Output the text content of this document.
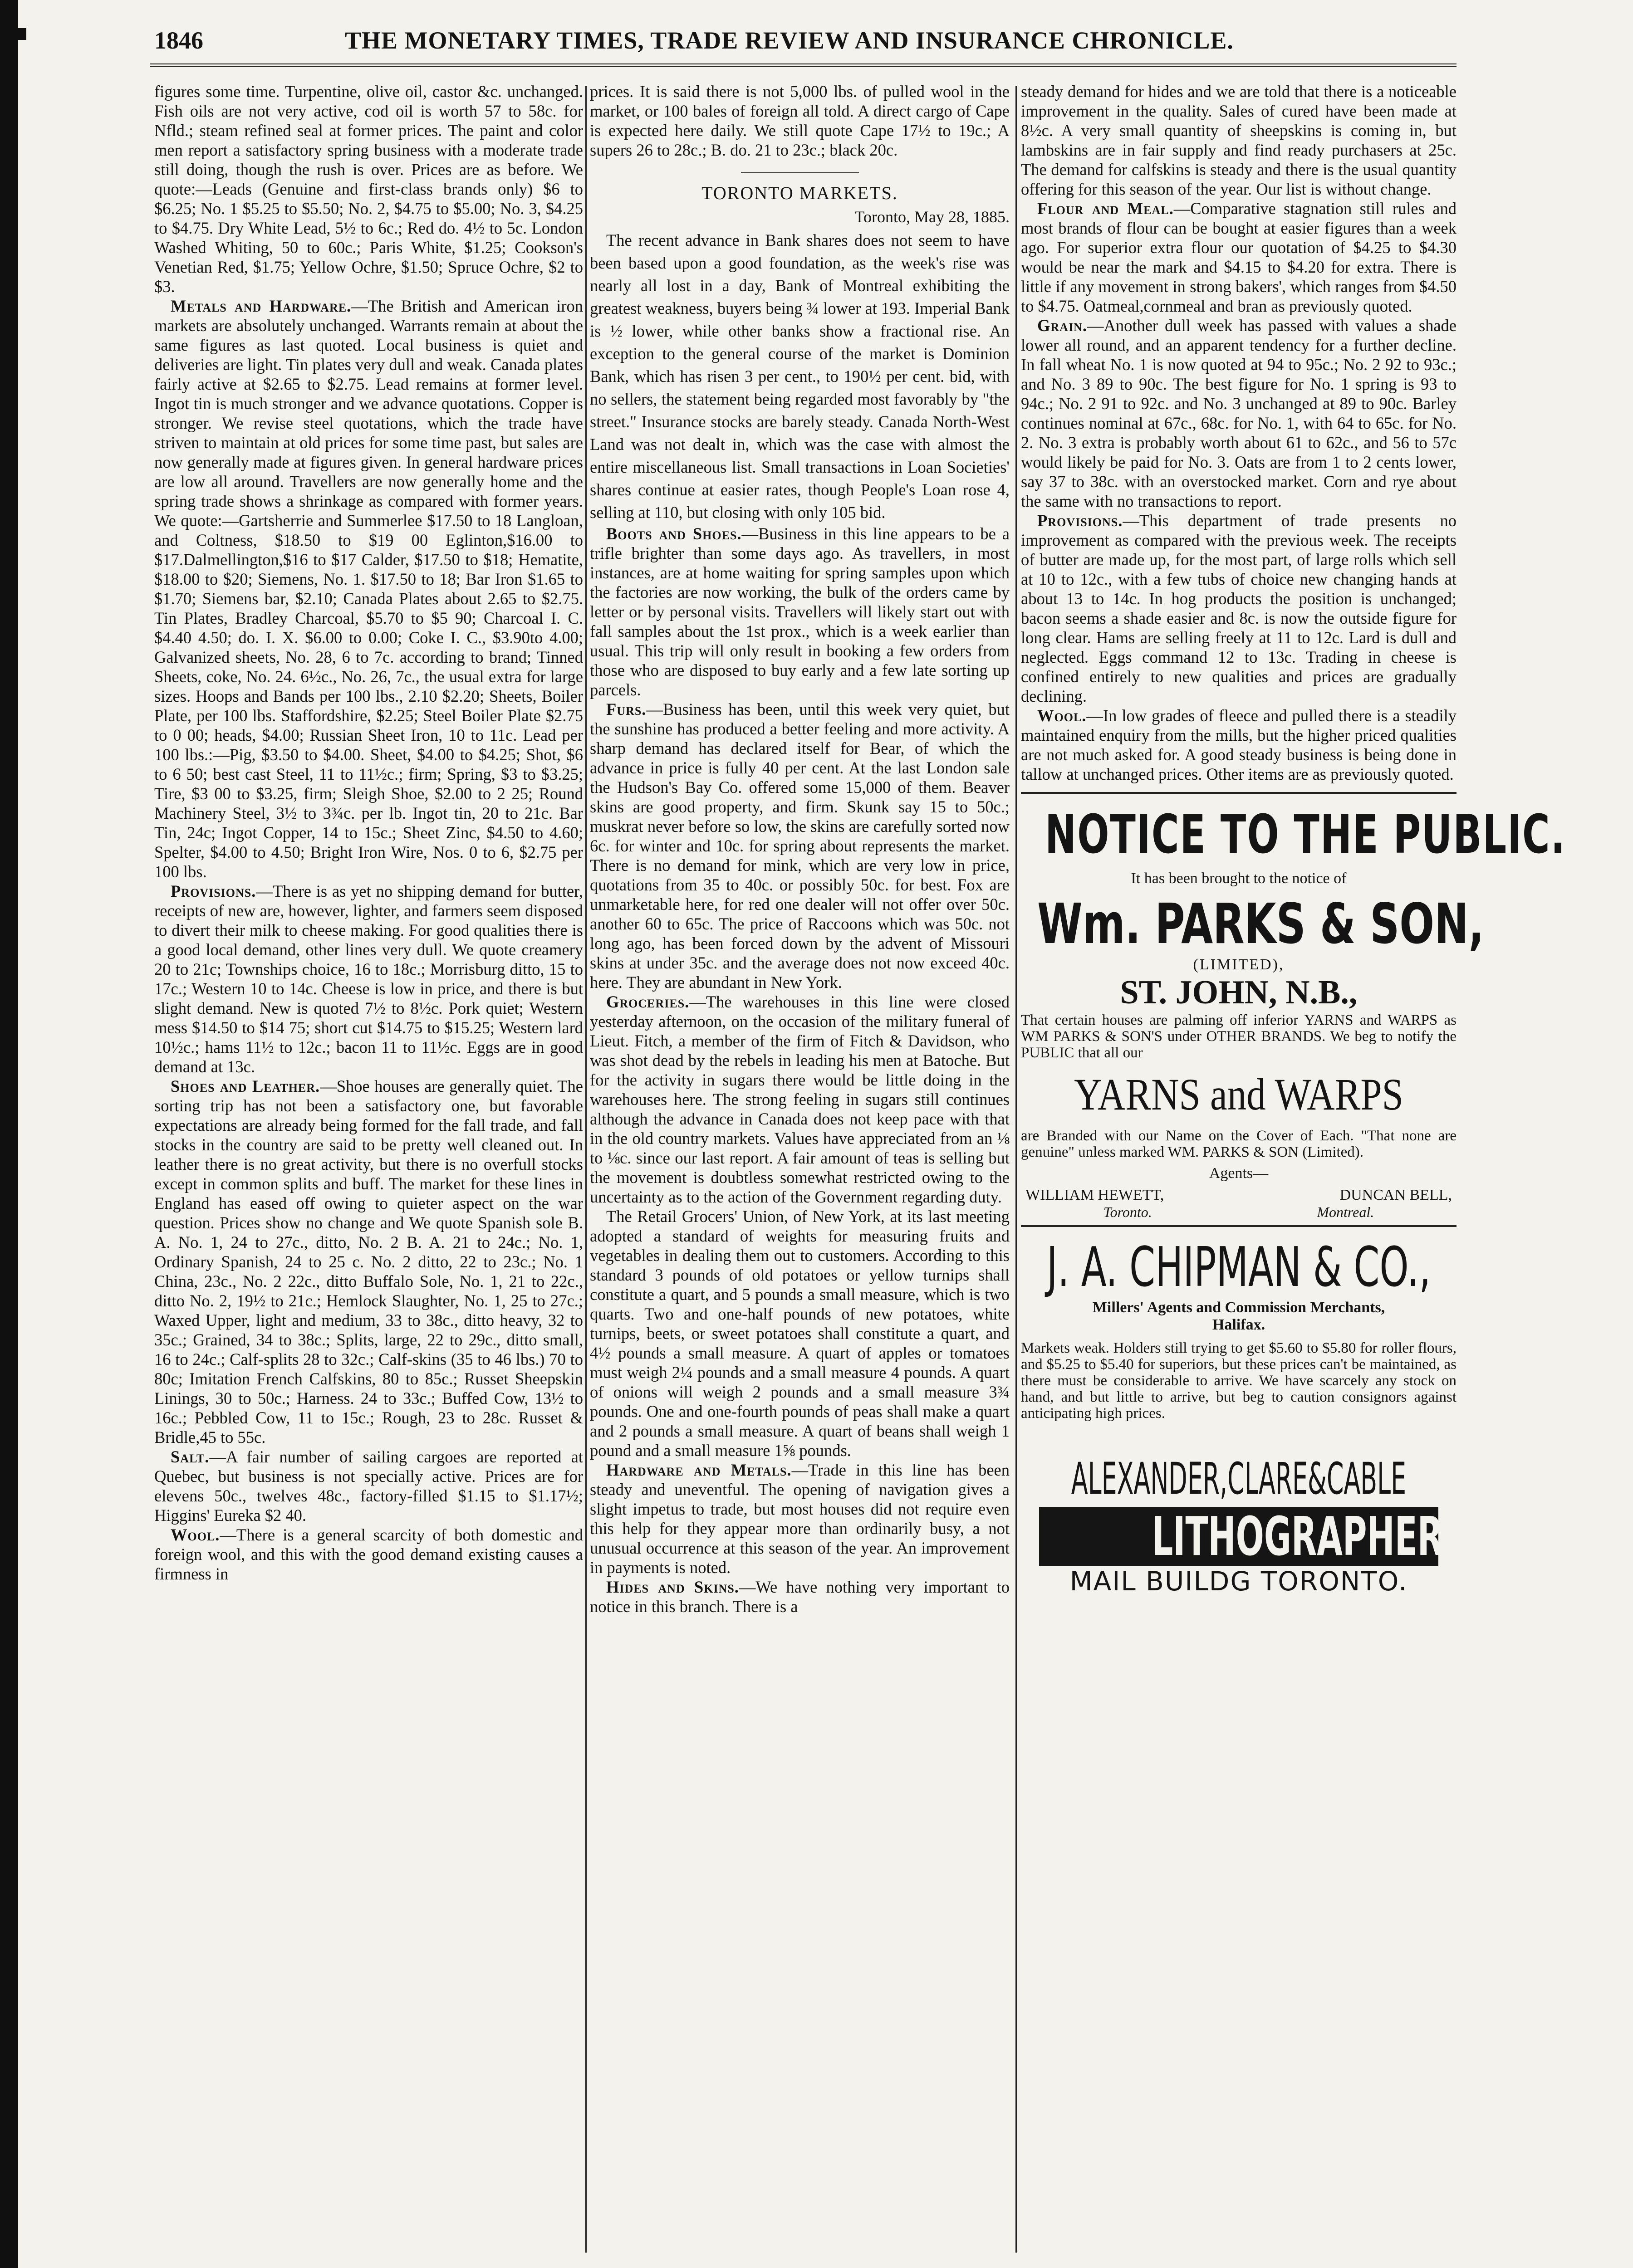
1846	THE MONETARY TIMES, TRADE REVIEW AND INSURANCE CHRONICLE.

figures some time. Turpentine, olive oil, castor &c. unchanged. Fish oils are not very active, cod oil is worth 57 to 58c. for Nfld.; steam refined seal at former prices. The paint and color men report a satisfactory spring business with a moderate trade still doing, though the rush is over. Prices are as before. We quote:—Leads (Genuine and first-class brands only) $6 to $6.25; No. 1 $5.25 to $5.50; No. 2, $4.75 to $5.00; No. 3, $4.25 to $4.75. Dry White Lead, 5½ to 6c.; Red do. 4½ to 5c. London Washed Whiting, 50 to 60c.; Paris White, $1.25; Cookson's Venetian Red, $1.75; Yellow Ochre, $1.50; Spruce Ochre, $2 to $3.

Metals and Hardware.—The British and American iron markets are absolutely unchanged. Warrants remain at about the same figures as last quoted. Local business is quiet and deliveries are light. Tin plates very dull and weak. Canada plates fairly active at $2.65 to $2.75. Lead remains at former level. Ingot tin is much stronger and we advance quotations. Copper is stronger. We revise steel quotations, which the trade have striven to maintain at old prices for some time past, but sales are now generally made at figures given. In general hardware prices are low all around. Travellers are now generally home and the spring trade shows a shrinkage as compared with former years. We quote:—Gartsherrie and Summerlee $17.50 to 18 Langloan, and Coltness, $18.50 to $19 00 Eglinton,$16.00 to $17.Dalmellington,$16 to $17 Calder, $17.50 to $18; Hematite, $18.00 to $20; Siemens, No. 1. $17.50 to 18; Bar Iron $1.65 to $1.70; Siemens bar, $2.10; Canada Plates about 2.65 to $2.75. Tin Plates, Bradley Charcoal, $5.70 to $5 90; Charcoal I. C. $4.40 4.50; do. I. X. $6.00 to 0.00; Coke I. C., $3.90to 4.00; Galvanized sheets, No. 28, 6 to 7c. according to brand; Tinned Sheets, coke, No. 24. 6½c., No. 26, 7c., the usual extra for large sizes. Hoops and Bands per 100 lbs., 2.10 $2.20; Sheets, Boiler Plate, per 100 lbs. Staffordshire, $2.25; Steel Boiler Plate $2.75 to 0 00; heads, $4.00; Russian Sheet Iron, 10 to 11c. Lead per 100 lbs.:—Pig, $3.50 to $4.00. Sheet, $4.00 to $4.25; Shot, $6 to 6 50; best cast Steel, 11 to 11½c.; firm; Spring, $3 to $3.25; Tire, $3 00 to $3.25, firm; Sleigh Shoe, $2.00 to 2 25; Round Machinery Steel, 3½ to 3¾c. per lb. Ingot tin, 20 to 21c. Bar Tin, 24c; Ingot Copper, 14 to 15c.; Sheet Zinc, $4.50 to 4.60; Spelter, $4.00 to 4.50; Bright Iron Wire, Nos. 0 to 6, $2.75 per 100 lbs.

Provisions.—There is as yet no shipping demand for butter, receipts of new are, however, lighter, and farmers seem disposed to divert their milk to cheese making. For good qualities there is a good local demand, other lines very dull. We quote creamery 20 to 21c; Townships choice, 16 to 18c.; Morrisburg ditto, 15 to 17c.; Western 10 to 14c. Cheese is low in price, and there is but slight demand. New is quoted 7½ to 8½c. Pork quiet; Western mess $14.50 to $14 75; short cut $14.75 to $15.25; Western lard 10½c.; hams 11½ to 12c.; bacon 11 to 11½c. Eggs are in good demand at 13c.

Shoes and Leather.—Shoe houses are generally quiet. The sorting trip has not been a satisfactory one, but favorable expectations are already being formed for the fall trade, and fall stocks in the country are said to be pretty well cleaned out. In leather there is no great activity, but there is no overfull stocks except in common splits and buff. The market for these lines in England has eased off owing to quieter aspect on the war question. Prices show no change and We quote Spanish sole B. A. No. 1, 24 to 27c., ditto, No. 2 B. A. 21 to 24c.; No. 1, Ordinary Spanish, 24 to 25 c. No. 2 ditto, 22 to 23c.; No. 1 China, 23c., No. 2 22c., ditto Buffalo Sole, No. 1, 21 to 22c., ditto No. 2, 19½ to 21c.; Hemlock Slaughter, No. 1, 25 to 27c.; Waxed Upper, light and medium, 33 to 38c., ditto heavy, 32 to 35c.; Grained, 34 to 38c.; Splits, large, 22 to 29c., ditto small, 16 to 24c.; Calf-splits 28 to 32c.; Calf-skins (35 to 46 lbs.) 70 to 80c; Imitation French Calfskins, 80 to 85c.; Russet Sheepskin Linings, 30 to 50c.; Harness. 24 to 33c.; Buffed Cow, 13½ to 16c.; Pebbled Cow, 11 to 15c.; Rough, 23 to 28c. Russet & Bridle,45 to 55c.

Salt.—A fair number of sailing cargoes are reported at Quebec, but business is not specially active. Prices are for elevens 50c., twelves 48c., factory-filled $1.15 to $1.17½; Higgins' Eureka $2 40.

Wool.—There is a general scarcity of both domestic and foreign wool, and this with the good demand existing causes a firmness in

prices. It is said there is not 5,000 lbs. of pulled wool in the market, or 100 bales of foreign all told. A direct cargo of Cape is expected here daily. We still quote Cape 17½ to 19c.; A supers 26 to 28c.; B. do. 21 to 23c.; black 20c.

TORONTO MARKETS.
Toronto, May 28, 1885.

The recent advance in Bank shares does not seem to have been based upon a good foundation, as the week's rise was nearly all lost in a day, Bank of Montreal exhibiting the greatest weakness, buyers being ¾ lower at 193. Imperial Bank is ½ lower, while other banks show a fractional rise. An exception to the general course of the market is Dominion Bank, which has risen 3 per cent., to 190½ per cent. bid, with no sellers, the statement being regarded most favorably by "the street." Insurance stocks are barely steady. Canada North-West Land was not dealt in, which was the case with almost the entire miscellaneous list. Small transactions in Loan Societies' shares continue at easier rates, though People's Loan rose 4, selling at 110, but closing with only 105 bid.

Boots and Shoes.—Business in this line appears to be a trifle brighter than some days ago. As travellers, in most instances, are at home waiting for spring samples upon which the factories are now working, the bulk of the orders came by letter or by personal visits. Travellers will likely start out with fall samples about the 1st prox., which is a week earlier than usual. This trip will only result in booking a few orders from those who are disposed to buy early and a few late sorting up parcels.

Furs.—Business has been, until this week very quiet, but the sunshine has produced a better feeling and more activity. A sharp demand has declared itself for Bear, of which the advance in price is fully 40 per cent. At the last London sale the Hudson's Bay Co. offered some 15,000 of them. Beaver skins are good property, and firm. Skunk say 15 to 50c.; muskrat never before so low, the skins are carefully sorted now 6c. for winter and 10c. for spring about represents the market. There is no demand for mink, which are very low in price, quotations from 35 to 40c. or possibly 50c. for best. Fox are unmarketable here, for red one dealer will not offer over 50c. another 60 to 65c. The price of Raccoons which was 50c. not long ago, has been forced down by the advent of Missouri skins at under 35c. and the average does not now exceed 40c. here. They are abundant in New York.

Groceries.—The warehouses in this line were closed yesterday afternoon, on the occasion of the military funeral of Lieut. Fitch, a member of the firm of Fitch & Davidson, who was shot dead by the rebels in leading his men at Batoche. But for the activity in sugars there would be little doing in the warehouses here. The strong feeling in sugars still continues although the advance in Canada does not keep pace with that in the old country markets. Values have appreciated from an ⅛ to ⅛c. since our last report. A fair amount of teas is selling but the movement is doubtless somewhat restricted owing to the uncertainty as to the action of the Government regarding duty.

The Retail Grocers' Union, of New York, at its last meeting adopted a standard of weights for measuring fruits and vegetables in dealing them out to customers. According to this standard 3 pounds of old potatoes or yellow turnips shall constitute a quart, and 5 pounds a small measure, which is two quarts. Two and one-half pounds of new potatoes, white turnips, beets, or sweet potatoes shall constitute a quart, and 4½ pounds a small measure. A quart of apples or tomatoes must weigh 2¼ pounds and a small measure 4 pounds. A quart of onions will weigh 2 pounds and a small measure 3¾ pounds. One and one-fourth pounds of peas shall make a quart and 2 pounds a small measure. A quart of beans shall weigh 1 pound and a small measure 1⅝ pounds.

Hardware and Metals.—Trade in this line has been steady and uneventful. The opening of navigation gives a slight impetus to trade, but most houses did not require even this help for they appear more than ordinarily busy, a not unusual occurrence at this season of the year. An improvement in payments is noted.

Hides and Skins.—We have nothing very important to notice in this branch. There is a

steady demand for hides and we are told that there is a noticeable improvement in the quality. Sales of cured have been made at 8½c. A very small quantity of sheepskins is coming in, but lambskins are in fair supply and find ready purchasers at 25c. The demand for calfskins is steady and there is the usual quantity offering for this season of the year. Our list is without change.

Flour and Meal.—Comparative stagnation still rules and most brands of flour can be bought at easier figures than a week ago. For superior extra flour our quotation of $4.25 to $4.30 would be near the mark and $4.15 to $4.20 for extra. There is little if any movement in strong bakers', which ranges from $4.50 to $4.75. Oatmeal,cornmeal and bran as previously quoted.

Grain.—Another dull week has passed with values a shade lower all round, and an apparent tendency for a further decline. In fall wheat No. 1 is now quoted at 94 to 95c.; No. 2 92 to 93c.; and No. 3 89 to 90c. The best figure for No. 1 spring is 93 to 94c.; No. 2 91 to 92c. and No. 3 unchanged at 89 to 90c. Barley continues nominal at 67c., 68c. for No. 1, with 64 to 65c. for No. 2. No. 3 extra is probably worth about 61 to 62c., and 56 to 57c would likely be paid for No. 3. Oats are from 1 to 2 cents lower, say 37 to 38c. with an overstocked market. Corn and rye about the same with no transactions to report.

Provisions.—This department of trade presents no improvement as compared with the previous week. The receipts of butter are made up, for the most part, of large rolls which sell at 10 to 12c., with a few tubs of choice new changing hands at about 13 to 14c. In hog products the position is unchanged; bacon seems a shade easier and 8c. is now the outside figure for long clear. Hams are selling freely at 11 to 12c. Lard is dull and neglected. Eggs command 12 to 13c. Trading in cheese is confined entirely to new qualities and prices are gradually declining.

Wool.—In low grades of fleece and pulled there is a steadily maintained enquiry from the mills, but the higher priced qualities are not much asked for. A good steady business is being done in tallow at unchanged prices. Other items are as previously quoted.

NOTICE TO THE PUBLIC.
It has been brought to the notice of
Wm. PARKS & SON,
(LIMITED),
ST. JOHN, N.B.,

That certain houses are palming off inferior YARNS and WARPS as WM PARKS & SON'S under OTHER BRANDS. We beg to notify the PUBLIC that all our

YARNS and WARPS

are Branded with our Name on the Cover of Each. "That none are genuine" unless marked WM. PARKS & SON (Limited).

Agents—
WILLIAM HEWETT,	DUNCAN BELL,
Toronto.	Montreal.
J. A. CHIPMAN & CO.,
Millers' Agents and Commission Merchants,
Halifax.

Markets weak. Holders still trying to get $5.60 to $5.80 for roller flours, and $5.25 to $5.40 for superiors, but these prices can't be maintained, as there must be considerable to arrive. We have scarcely any stock on hand, and but little to arrive, but beg to caution consignors against anticipating high prices.

ALEXANDER,CLARE&CABLE
LITHOGRAPHERS&C
MAIL BUILDG TORONTO.
